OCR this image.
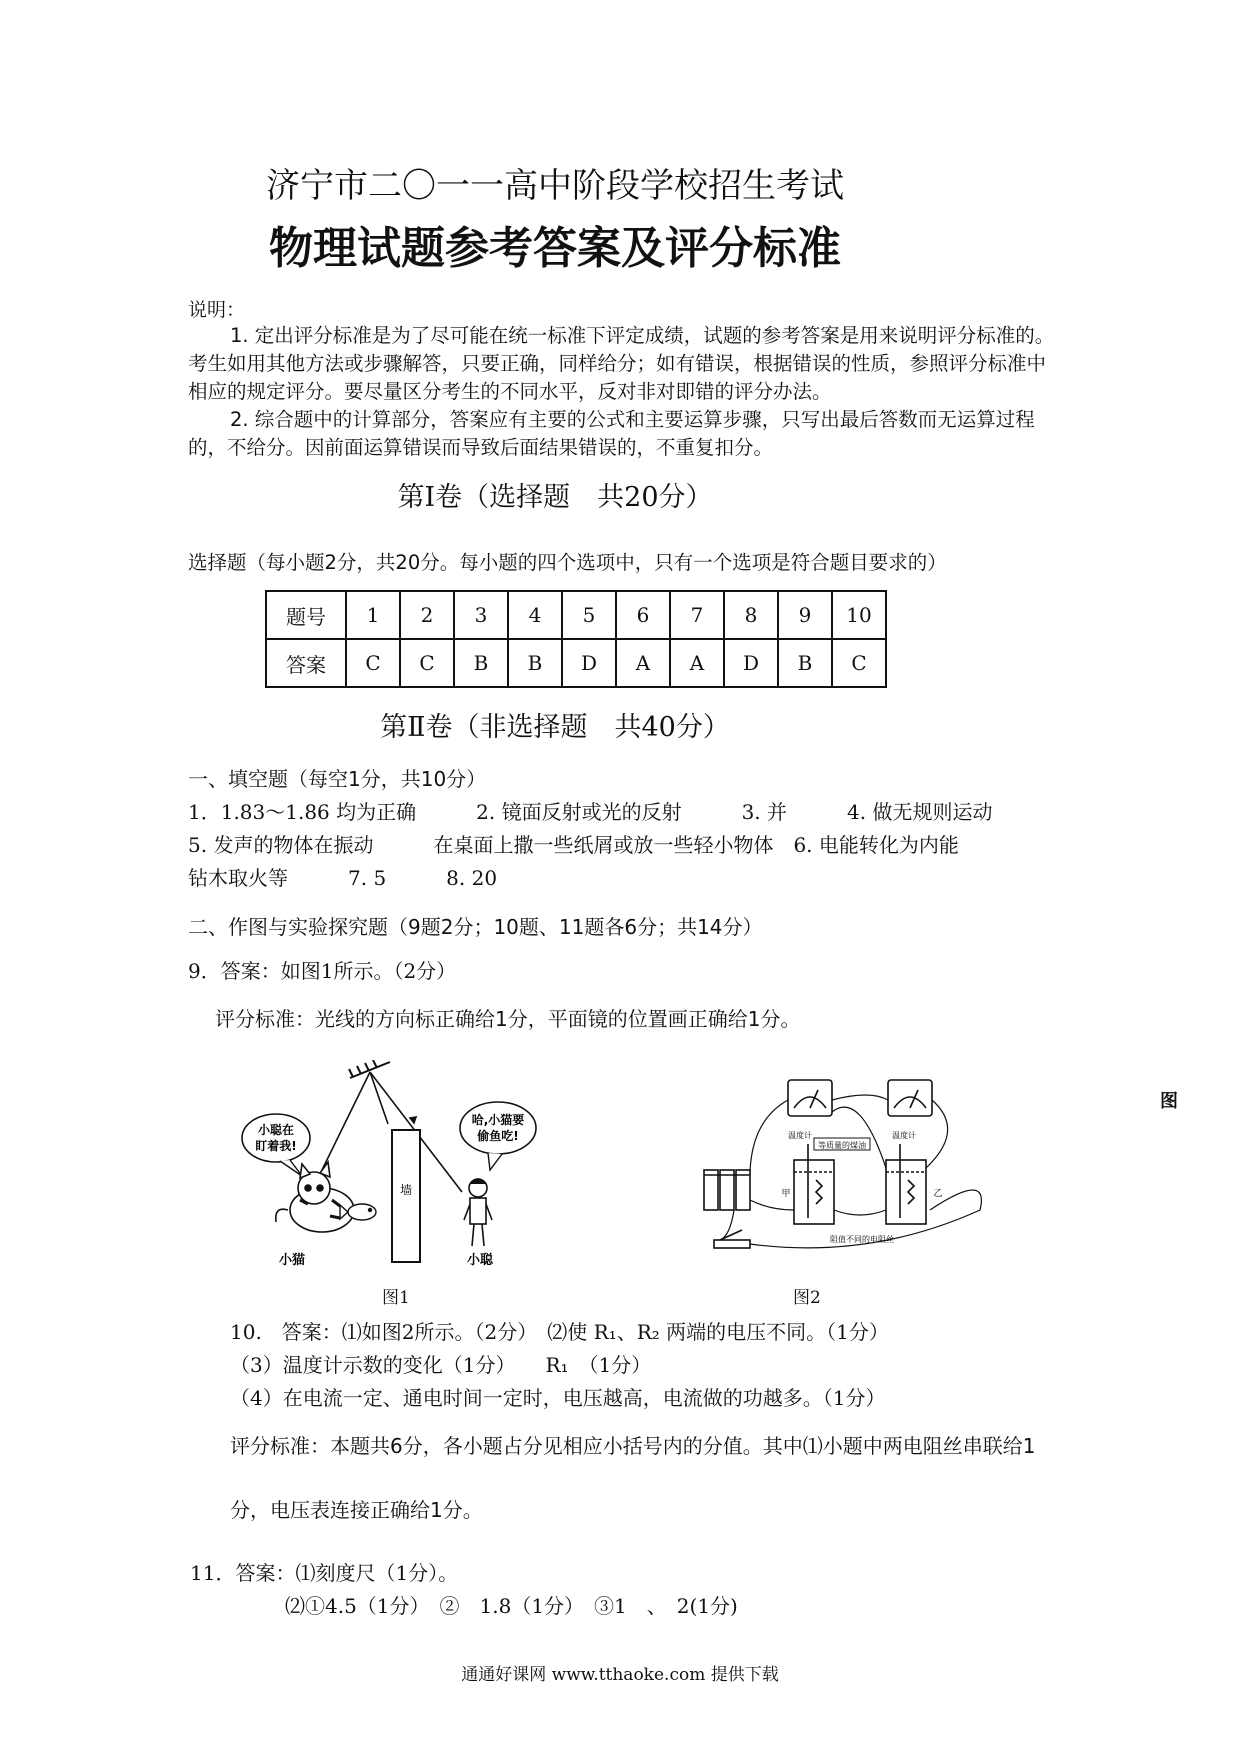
济宁市二〇一一高中阶段学校招生考试
物理试题参考答案及评分标准
说明：
1. 定出评分标准是为了尽可能在统一标准下评定成绩，试题的参考答案是用来说明评分标准的。考生如用其他方法或步骤解答，只要正确，同样给分；如有错误，根据错误的性质，参照评分标准中相应的规定评分。要尽量区分考生的不同水平，反对非对即错的评分办法。
2. 综合题中的计算部分，答案应有主要的公式和主要运算步骤，只写出最后答数而无运算过程的，不给分。因前面运算错误而导致后面结果错误的，不重复扣分。
第Ⅰ卷（选择题　共20分）
选择题（每小题2分，共20分。每小题的四个选项中，只有一个选项是符合题目要求的）
题号	1	2	3	4	5	6	7	8	9	10
答案	C	C	B	B	D	A	A	D	B	C
第Ⅱ卷（非选择题　共40分）
一、填空题（每空1分，共10分）
1．1.83～1.86 均为正确　　　2. 镜面反射或光的反射　　　3. 并　　　4. 做无规则运动
5. 发声的物体在振动　　　在桌面上撒一些纸屑或放一些轻小物体　6. 电能转化为内能
钻木取火等　　　7. 5　　　8. 20
二、作图与实验探究题（9题2分；10题、11题各6分；共14分）
9．答案：如图1所示。（2分）
评分标准：光线的方向标正确给1分，平面镜的位置画正确给1分。
图
墙
小聪在
盯着我!
小猫
哈,小猫要
偷鱼吃!
小聪
图1
等质量的煤油
温度计	温度计
甲	乙
阻值不同的电阻丝
图2
10.　答案：⑴如图2所示。（2分）　⑵使 R₁、R₂ 两端的电压不同。（1分）
（3）温度计示数的变化（1分）　　R₁　（1分）
（4）在电流一定、通电时间一定时，电压越高，电流做的功越多。（1分）
评分标准：本题共6分，各小题占分见相应小括号内的分值。其中⑴小题中两电阻丝串联给1
分，电压表连接正确给1分。
11．答案：⑴刻度尺（1分）。
⑵①4.5（1分）　②　1.8（1分）　③1　、　2(1分)
通通好课网 www.tthaoke.com 提供下载
